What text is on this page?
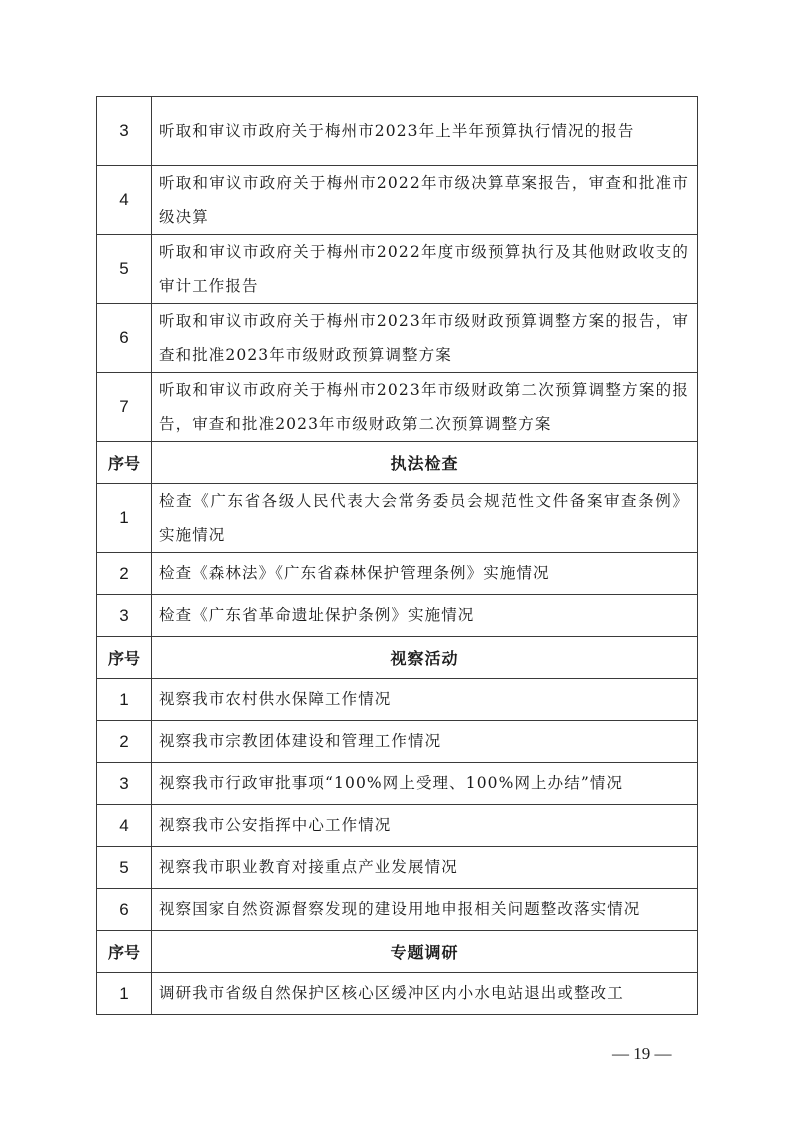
3	听取和审议市政府关于梅州市2023年上半年预算执行情况的报告
4	听取和审议市政府关于梅州市2022年市级决算草案报告，审查和批准市级决算
5	听取和审议市政府关于梅州市2022年度市级预算执行及其他财政收支的审计工作报告
6	听取和审议市政府关于梅州市2023年市级财政预算调整方案的报告，审查和批准2023年市级财政预算调整方案
7	听取和审议市政府关于梅州市2023年市级财政第二次预算调整方案的报告，审查和批准2023年市级财政第二次预算调整方案
序号	执法检查
1	检查《广东省各级人民代表大会常务委员会规范性文件备案审查条例》实施情况
2	检查《森林法》《广东省森林保护管理条例》实施情况
3	检查《广东省革命遗址保护条例》实施情况
序号	视察活动
1	视察我市农村供水保障工作情况
2	视察我市宗教团体建设和管理工作情况
3	视察我市行政审批事项“100%网上受理、100%网上办结”情况
4	视察我市公安指挥中心工作情况
5	视察我市职业教育对接重点产业发展情况
6	视察国家自然资源督察发现的建设用地申报相关问题整改落实情况
序号	专题调研
1	调研我市省级自然保护区核心区缓冲区内小水电站退出或整改工
— 19 —
